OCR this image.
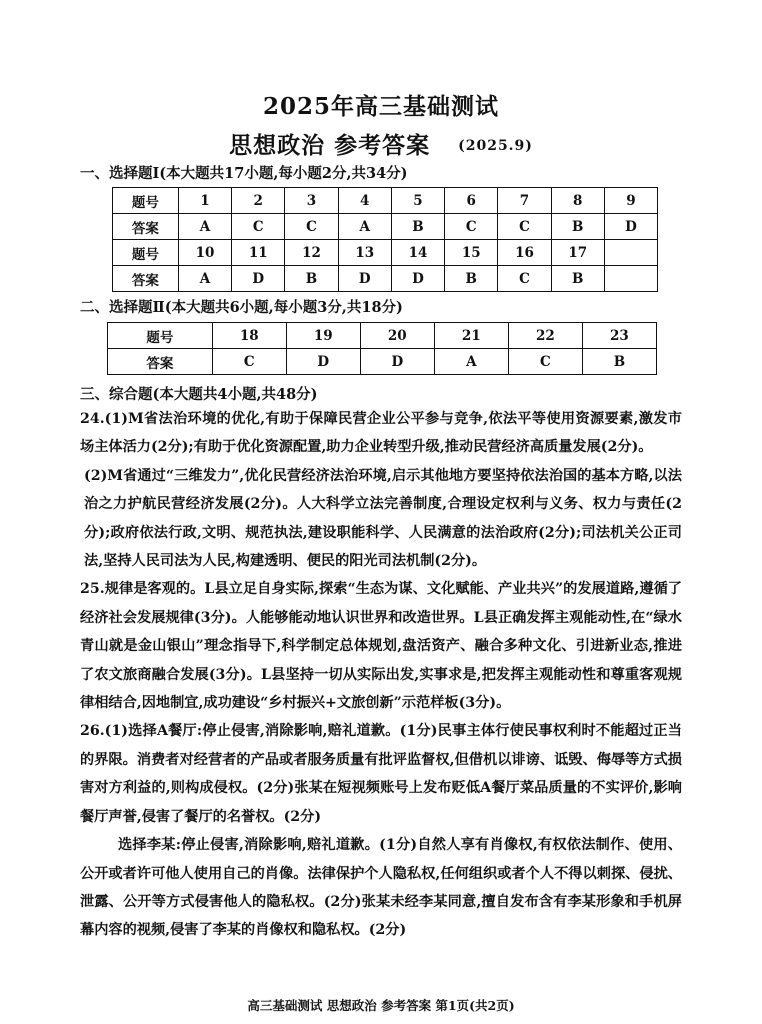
2025年高三基础测试
思想政治 参考答案 (2025.9)
一、选择题Ⅰ(本大题共17小题,每小题2分,共34分)
题号	1	2	3	4	5	6	7	8	9
答案	A	C	C	A	B	C	C	B	D
题号	10	11	12	13	14	15	16	17	
答案	A	D	B	D	D	B	C	B	
二、选择题Ⅱ(本大题共6小题,每小题3分,共18分)
题号	18	19	20	21	22	23
答案	C	D	D	A	C	B
三、综合题(本大题共4小题,共48分)

24.(1)M省法治环境的优化,有助于保障民营企业公平参与竞争,依法平等使用资源要素,激发市场主体活力(2分);有助于优化资源配置,助力企业转型升级,推动民营经济高质量发展(2分)。

(2)M省通过“三维发力”,优化民营经济法治环境,启示其他地方要坚持依法治国的基本方略,以法治之力护航民营经济发展(2分)。人大科学立法完善制度,合理设定权利与义务、权力与责任(2分);政府依法行政,文明、规范执法,建设职能科学、人民满意的法治政府(2分);司法机关公正司法,坚持人民司法为人民,构建透明、便民的阳光司法机制(2分)。

25.规律是客观的。L县立足自身实际,探索“生态为谋、文化赋能、产业共兴”的发展道路,遵循了经济社会发展规律(3分)。人能够能动地认识世界和改造世界。L县正确发挥主观能动性,在“绿水青山就是金山银山”理念指导下,科学制定总体规划,盘活资产、融合多种文化、引进新业态,推进了农文旅商融合发展(3分)。L县坚持一切从实际出发,实事求是,把发挥主观能动性和尊重客观规律相结合,因地制宜,成功建设“乡村振兴+文旅创新”示范样板(3分)。

26.(1)选择A餐厅:停止侵害,消除影响,赔礼道歉。(1分)民事主体行使民事权利时不能超过正当的界限。消费者对经营者的产品或者服务质量有批评监督权,但借机以诽谤、诋毁、侮辱等方式损害对方利益的,则构成侵权。(2分)张某在短视频账号上发布贬低A餐厅菜品质量的不实评价,影响餐厅声誉,侵害了餐厅的名誉权。(2分)

选择李某:停止侵害,消除影响,赔礼道歉。(1分)自然人享有肖像权,有权依法制作、使用、公开或者许可他人使用自己的肖像。法律保护个人隐私权,任何组织或者个人不得以刺探、侵扰、泄露、公开等方式侵害他人的隐私权。(2分)张某未经李某同意,擅自发布含有李某形象和手机屏幕内容的视频,侵害了李某的肖像权和隐私权。(2分)

高三基础测试 思想政治 参考答案 第1页(共2页)
